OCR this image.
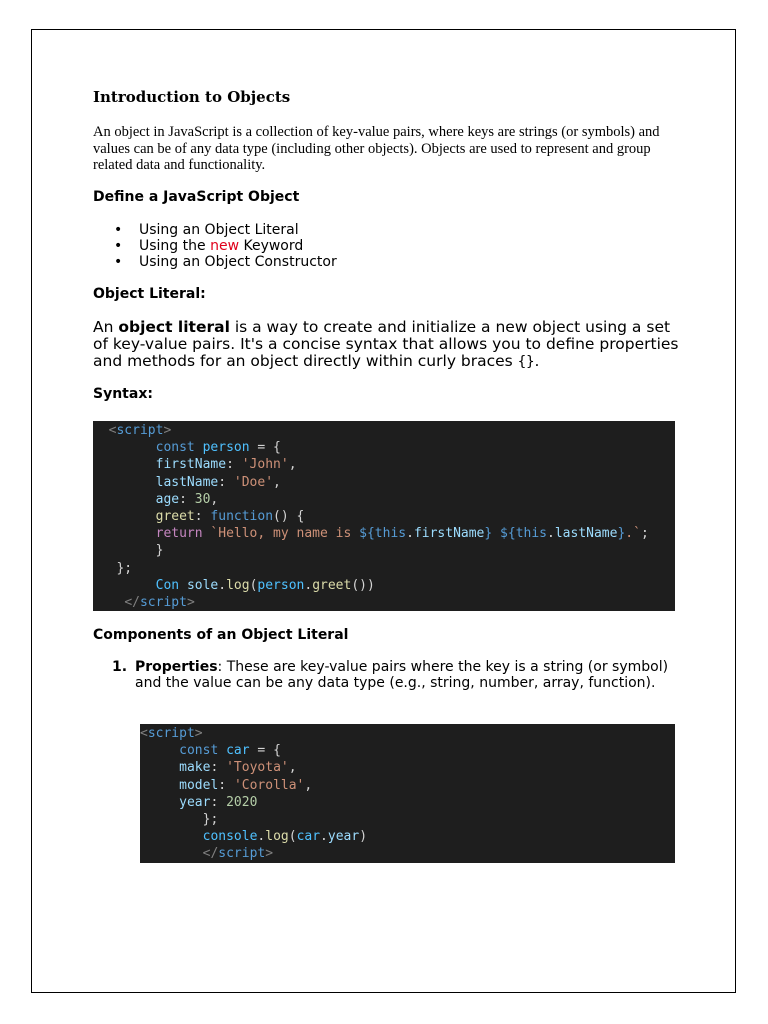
Introduction to Objects
An object in JavaScript is a collection of key-value pairs, where keys are strings (or symbols) and values can be of any data type (including other objects). Objects are used to represent and group related data and functionality.
Define a JavaScript Object
• Using an Object Literal
• Using the new Keyword
• Using an Object Constructor
Object Literal:
An object literal is a way to create and initialize a new object using a set of key-value pairs. It's a concise syntax that allows you to define properties and methods for an object directly within curly braces {}.
Syntax:
<script>
const person = {
firstName: 'John',
lastName: 'Doe',
age: 30,
greet: function() {
return `Hello, my name is ${this.firstName} ${this.lastName}.`;
}
};
Con sole.log(person.greet())
</script>
Components of an Object Literal
1. Properties: These are key-value pairs where the key is a string (or symbol) and the value can be any data type (e.g., string, number, array, function).
<script>
const car = {
make: 'Toyota',
model: 'Corolla',
year: 2020
};
console.log(car.year)
</script>
